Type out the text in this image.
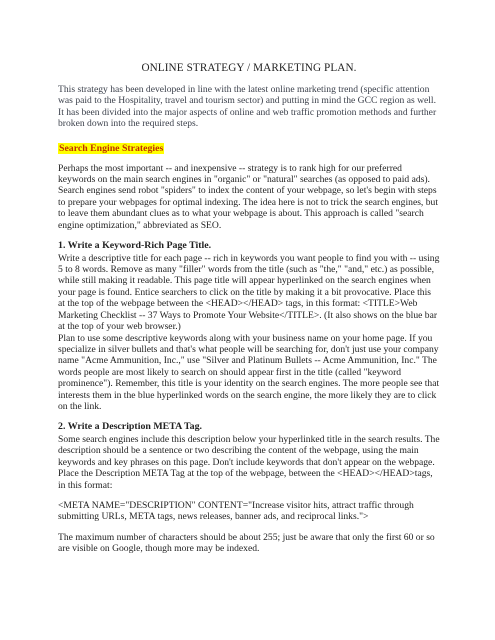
ONLINE STRATEGY / MARKETING PLAN.

This strategy has been developed in line with the latest online marketing trend (specific attention was paid to the Hospitality, travel and tourism sector) and putting in mind the GCC region as well. It has been divided into the major aspects of online and web traffic promotion methods and further broken down into the required steps.

Search Engine Strategies

Perhaps the most important -- and inexpensive -- strategy is to rank high for our preferred keywords on the main search engines in "organic" or "natural" searches (as opposed to paid ads). Search engines send robot "spiders" to index the content of your webpage, so let's begin with steps to prepare your webpages for optimal indexing. The idea here is not to trick the search engines, but to leave them abundant clues as to what your webpage is about. This approach is called "search engine optimization," abbreviated as SEO.

1. Write a Keyword-Rich Page Title.

Write a descriptive title for each page -- rich in keywords you want people to find you with -- using 5 to 8 words. Remove as many "filler" words from the title (such as "the," "and," etc.) as possible, while still making it readable. This page title will appear hyperlinked on the search engines when your page is found. Entice searchers to click on the title by making it a bit provocative. Place this at the top of the webpage between the <HEAD></HEAD> tags, in this format: <TITLE>Web Marketing Checklist -- 37 Ways to Promote Your Website</TITLE>. (It also shows on the blue bar at the top of your web browser.)

Plan to use some descriptive keywords along with your business name on your home page. If you specialize in silver bullets and that's what people will be searching for, don't just use your company name "Acme Ammunition, Inc.," use "Silver and Platinum Bullets -- Acme Ammunition, Inc." The words people are most likely to search on should appear first in the title (called "keyword prominence"). Remember, this title is your identity on the search engines. The more people see that interests them in the blue hyperlinked words on the search engine, the more likely they are to click on the link.

2. Write a Description META Tag.

Some search engines include this description below your hyperlinked title in the search results. The description should be a sentence or two describing the content of the webpage, using the main keywords and key phrases on this page. Don't include keywords that don't appear on the webpage. Place the Description META Tag at the top of the webpage, between the <HEAD></HEAD>tags, in this format:

<META NAME="DESCRIPTION" CONTENT="Increase visitor hits, attract traffic through submitting URLs, META tags, news releases, banner ads, and reciprocal links.">

The maximum number of characters should be about 255; just be aware that only the first 60 or so are visible on Google, though more may be indexed.
